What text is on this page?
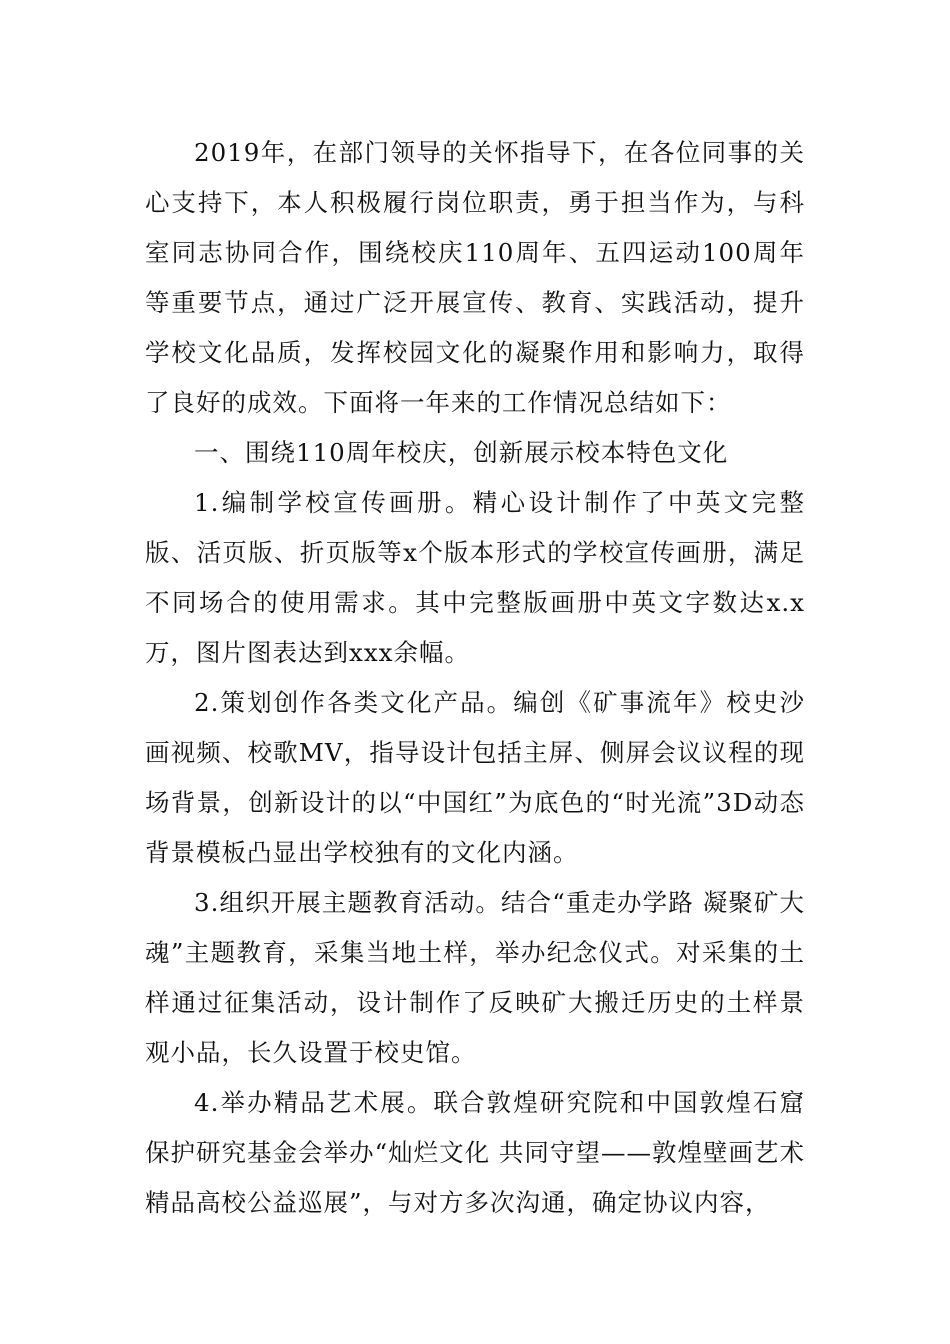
2019年，在部门领导的关怀指导下，在各位同事的关心支持下，本人积极履行岗位职责，勇于担当作为，与科室同志协同合作，围绕校庆110周年、五四运动100周年等重要节点，通过广泛开展宣传、教育、实践活动，提升学校文化品质，发挥校园文化的凝聚作用和影响力，取得了良好的成效。下面将一年来的工作情况总结如下：

一、围绕110周年校庆，创新展示校本特色文化

1.编制学校宣传画册。精心设计制作了中英文完整版、活页版、折页版等x个版本形式的学校宣传画册，满足不同场合的使用需求。其中完整版画册中英文字数达x.x万，图片图表达到xxx余幅。

2.策划创作各类文化产品。编创《矿事流年》校史沙画视频、校歌MV，指导设计包括主屏、侧屏会议议程的现场背景，创新设计的以“中国红”为底色的“时光流”3D动态背景模板凸显出学校独有的文化内涵。

3.组织开展主题教育活动。结合“重走办学路 凝聚矿大魂”主题教育，采集当地土样，举办纪念仪式。对采集的土样通过征集活动，设计制作了反映矿大搬迁历史的土样景观小品，长久设置于校史馆。

4.举办精品艺术展。联合敦煌研究院和中国敦煌石窟保护研究基金会举办“灿烂文化 共同守望——敦煌壁画艺术精品高校公益巡展”，与对方多次沟通，确定协议内容，
